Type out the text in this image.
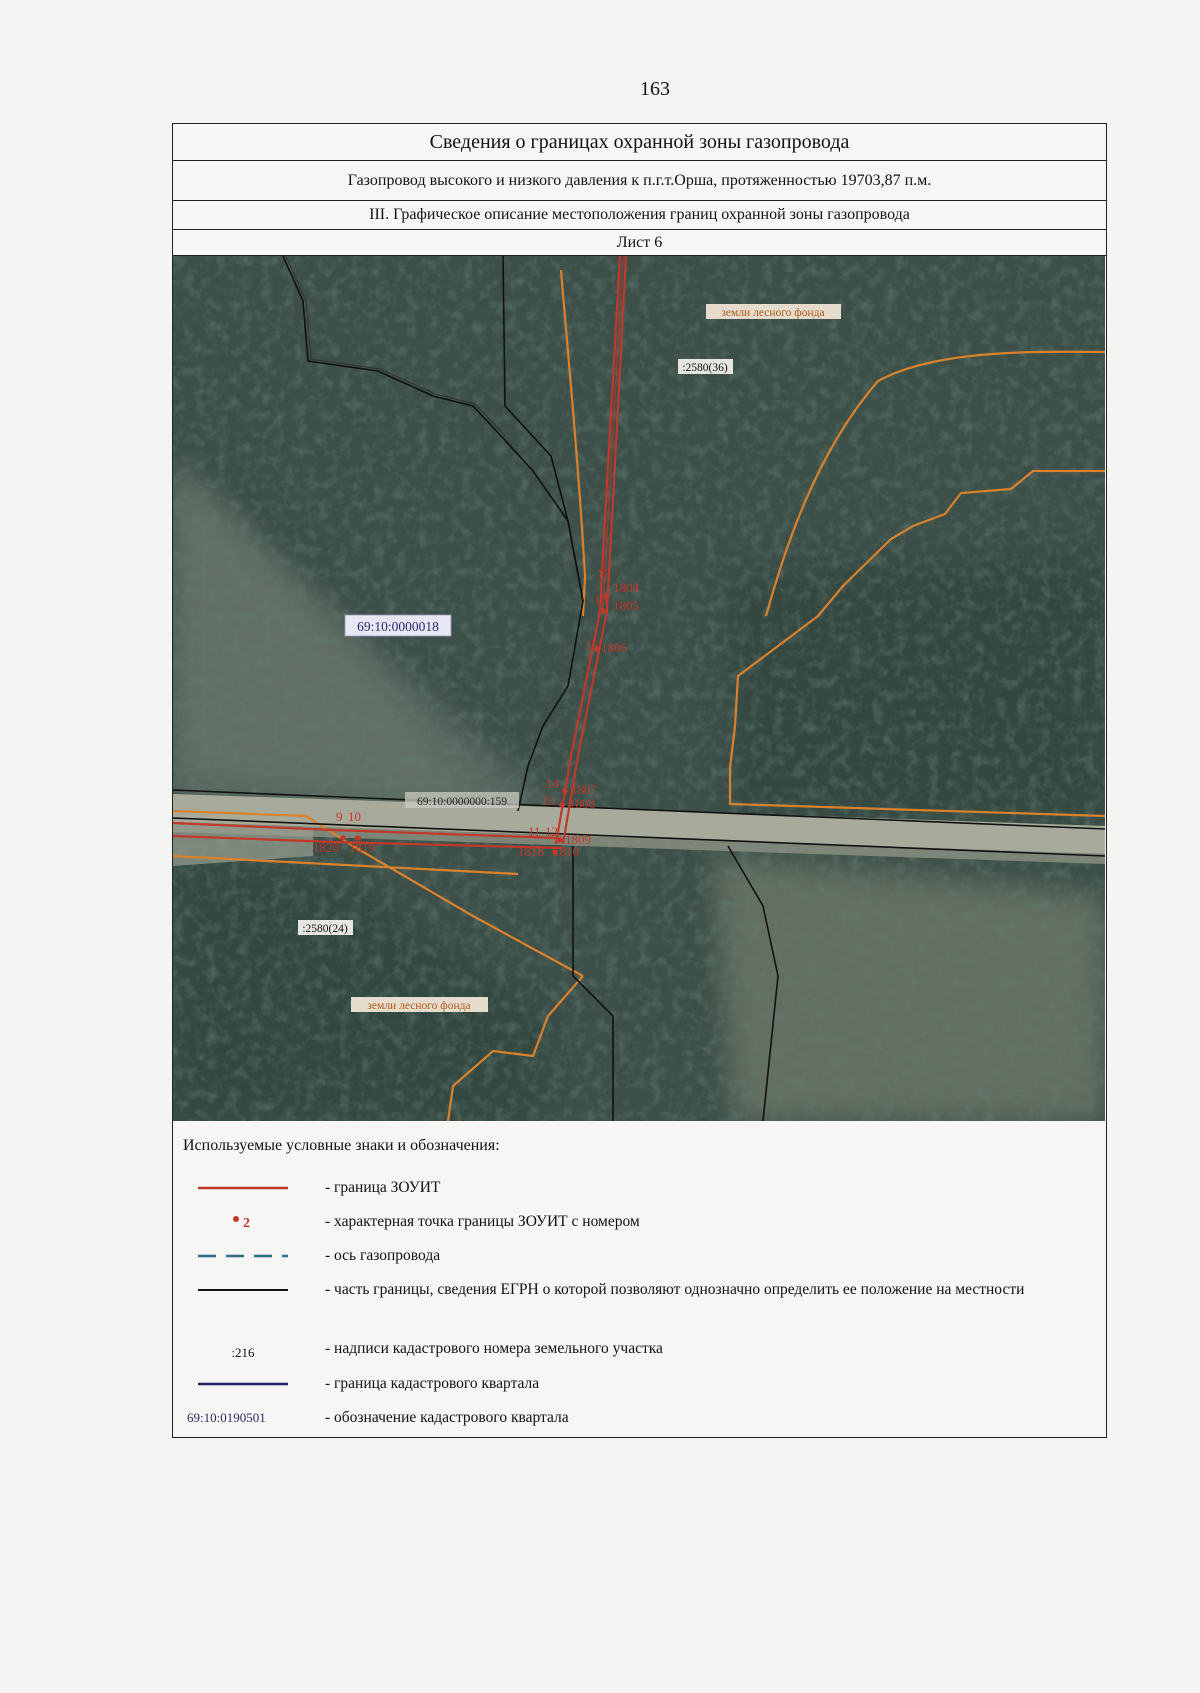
163
Сведения о границах охранной зоны газопровода
Газопровод высокого и низкого давления к п.г.т.Орша, протяженностью 19703,87 п.м.
III. Графическое описание местоположения границ охранной зоны газопровода
Лист 6
17
1804
16 1805
15 1806
14 1807
13 1808
11 12
1809
1818 1810
9 10
1820 1819
69:10:0000018
69:10:0000000:159
:2580(36)
:2580(24)
земли лесного фонда
земли лесного фонда
Используемые условные знаки и обозначения:
- граница ЗОУИТ
2	- характерная точка границы ЗОУИТ с номером
- ось газопровода
- часть границы, сведения ЕГРН о которой позволяют однозначно определить ее положение на местности
:216	- надписи кадастрового номера земельного участка
- граница кадастрового квартала
69:10:0190501	- обозначение кадастрового квартала
